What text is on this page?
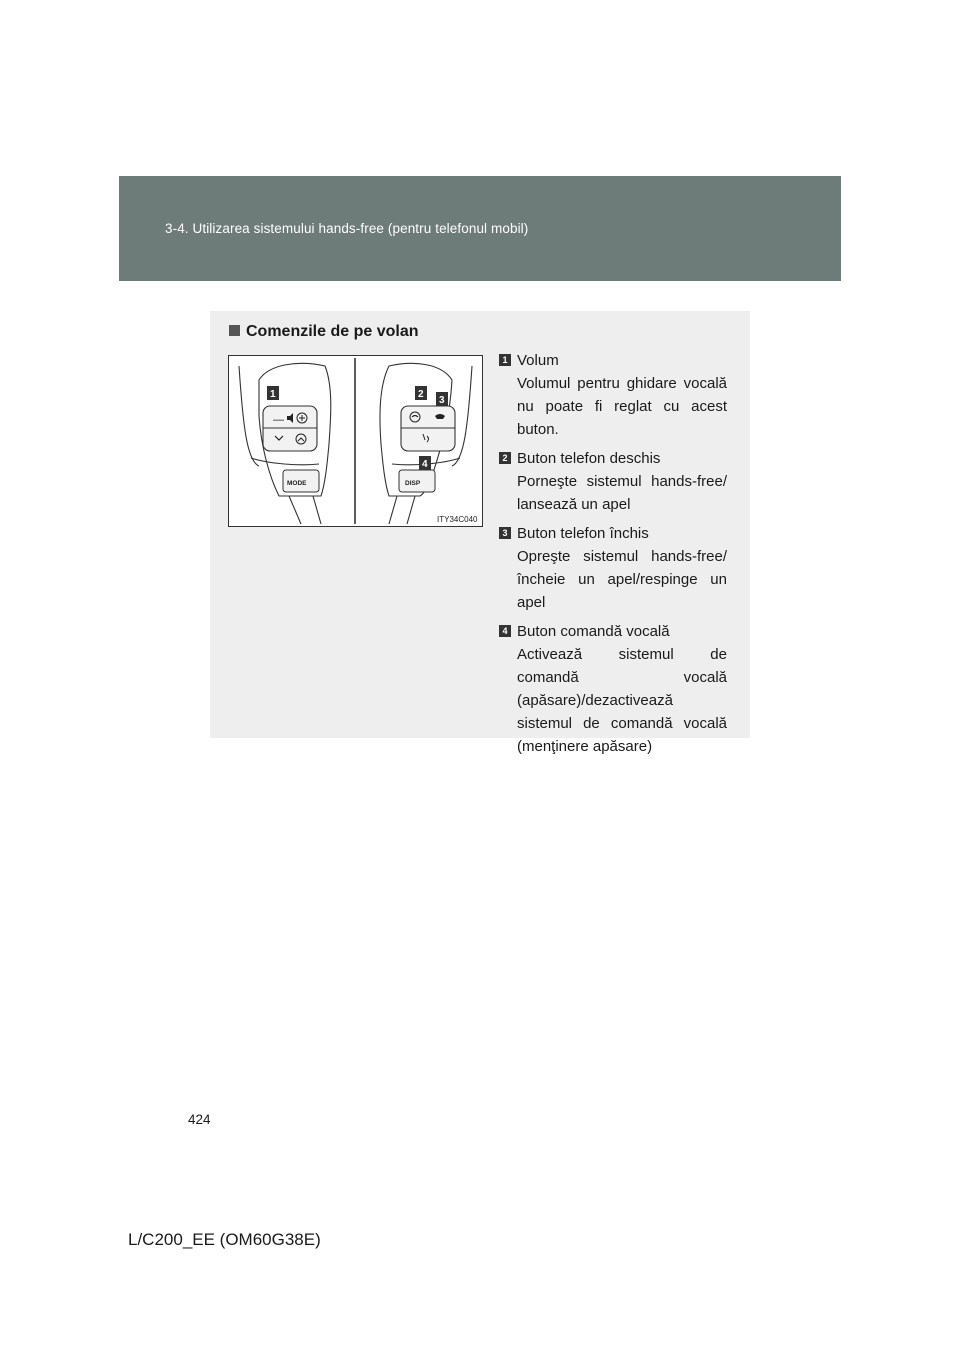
3-4. Utilizarea sistemului hands-free (pentru telefonul mobil)
Comenzile de pe volan
—
MODE	DISP
1	2
3
4
ITY34C040
1 Volum
Volumul pentru ghidare vocală nu poate fi reglat cu acest buton.
2 Buton telefon deschis
Porneşte sistemul hands-free/ lansează un apel
3 Buton telefon închis
Opreşte sistemul hands-free/ încheie un apel/respinge un apel
4 Buton comandă vocală
Activează sistemul de comandă vocală (apăsare)/dezactivează sistemul de comandă vocală (menţinere apăsare)
424
L/C200_EE (OM60G38E)
